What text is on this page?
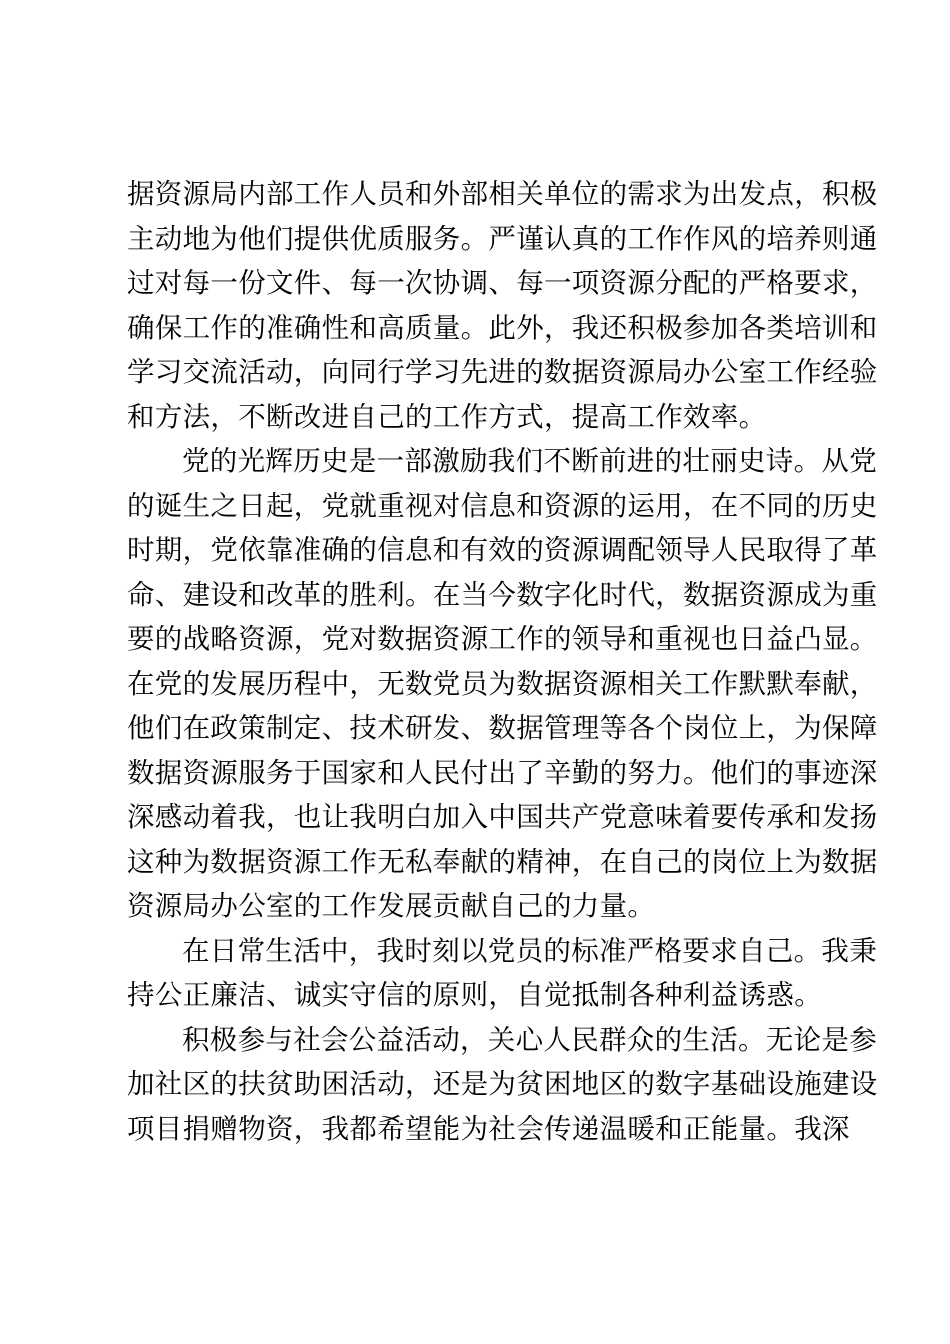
据资源局内部工作人员和外部相关单位的需求为出发点，积极
主动地为他们提供优质服务。严谨认真的工作作风的培养则通
过对每一份文件、每一次协调、每一项资源分配的严格要求，
确保工作的准确性和高质量。此外，我还积极参加各类培训和
学习交流活动，向同行学习先进的数据资源局办公室工作经验
和方法，不断改进自己的工作方式，提高工作效率。
党的光辉历史是一部激励我们不断前进的壮丽史诗。从党
的诞生之日起，党就重视对信息和资源的运用，在不同的历史
时期，党依靠准确的信息和有效的资源调配领导人民取得了革
命、建设和改革的胜利。在当今数字化时代，数据资源成为重
要的战略资源，党对数据资源工作的领导和重视也日益凸显。
在党的发展历程中，无数党员为数据资源相关工作默默奉献，
他们在政策制定、技术研发、数据管理等各个岗位上，为保障
数据资源服务于国家和人民付出了辛勤的努力。他们的事迹深
深感动着我，也让我明白加入中国共产党意味着要传承和发扬
这种为数据资源工作无私奉献的精神，在自己的岗位上为数据
资源局办公室的工作发展贡献自己的力量。
在日常生活中，我时刻以党员的标准严格要求自己。我秉
持公正廉洁、诚实守信的原则，自觉抵制各种利益诱惑。
积极参与社会公益活动，关心人民群众的生活。无论是参
加社区的扶贫助困活动，还是为贫困地区的数字基础设施建设
项目捐赠物资，我都希望能为社会传递温暖和正能量。我深
